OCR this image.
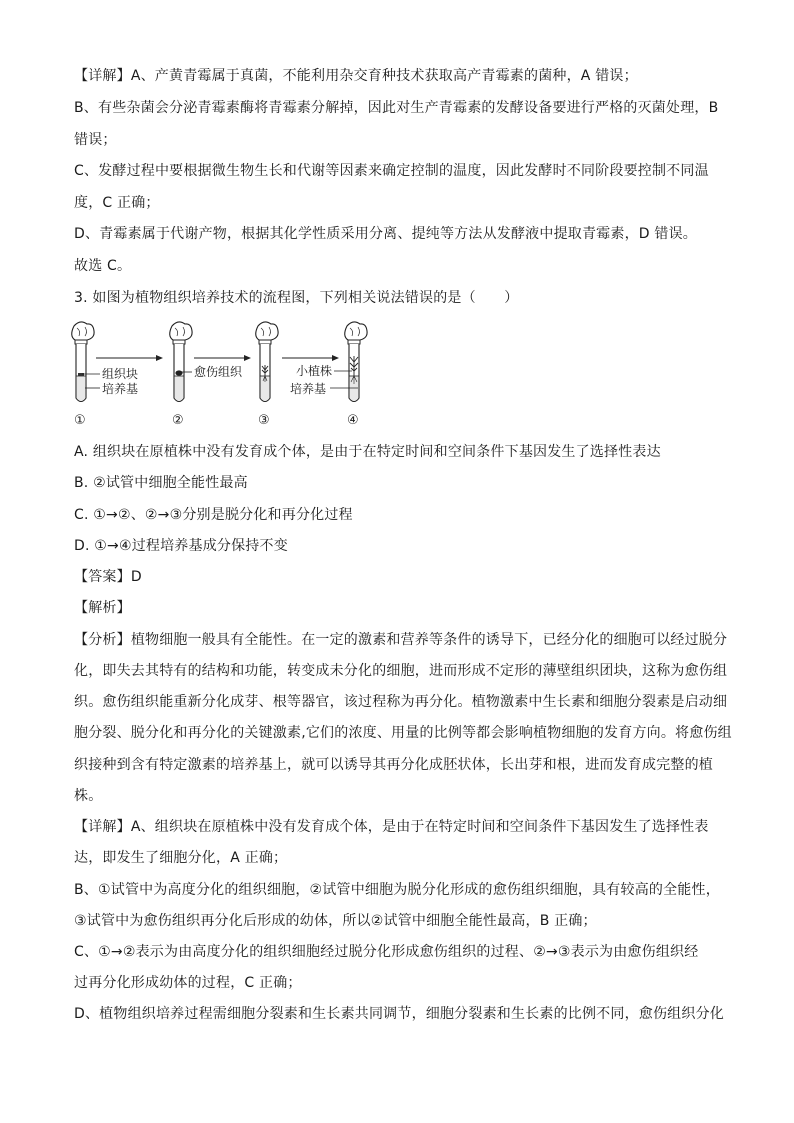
【详解】A、产黄青霉属于真菌，不能利用杂交育种技术获取高产青霉素的菌种，A 错误；
B、有些杂菌会分泌青霉素酶将青霉素分解掉，因此对生产青霉素的发酵设备要进行严格的灭菌处理，B
错误；
C、发酵过程中要根据微生物生长和代谢等因素来确定控制的温度，因此发酵时不同阶段要控制不同温
度，C 正确；
D、青霉素属于代谢产物，根据其化学性质采用分离、提纯等方法从发酵液中提取青霉素，D 错误。
故选 C。
3. 如图为植物组织培养技术的流程图，下列相关说法错误的是（　　）
组织块
培养基
愈伤组织	小植株
培养基
①	②	③	④
A. 组织块在原植株中没有发育成个体，是由于在特定时间和空间条件下基因发生了选择性表达
B. ②试管中细胞全能性最高
C. ①→②、②→③分别是脱分化和再分化过程
D. ①→④过程培养基成分保持不变
【答案】D
【解析】
【分析】植物细胞一般具有全能性。在一定的激素和营养等条件的诱导下，已经分化的细胞可以经过脱分
化，即失去其特有的结构和功能，转变成未分化的细胞，进而形成不定形的薄壁组织团块，这称为愈伤组
织。愈伤组织能重新分化成芽、根等器官，该过程称为再分化。植物激素中生长素和细胞分裂素是启动细
胞分裂、脱分化和再分化的关键激素,它们的浓度、用量的比例等都会影响植物细胞的发育方向。将愈伤组
织接种到含有特定激素的培养基上，就可以诱导其再分化成胚状体，长出芽和根，进而发育成完整的植
株。
【详解】A、组织块在原植株中没有发育成个体，是由于在特定时间和空间条件下基因发生了选择性表
达，即发生了细胞分化，A 正确；
B、①试管中为高度分化的组织细胞，②试管中细胞为脱分化形成的愈伤组织细胞，具有较高的全能性，
③试管中为愈伤组织再分化后形成的幼体，所以②试管中细胞全能性最高，B 正确；
C、①→②表示为由高度分化的组织细胞经过脱分化形成愈伤组织的过程、②→③表示为由愈伤组织经
过再分化形成幼体的过程，C 正确；
D、植物组织培养过程需细胞分裂素和生长素共同调节，细胞分裂素和生长素的比例不同，愈伤组织分化
